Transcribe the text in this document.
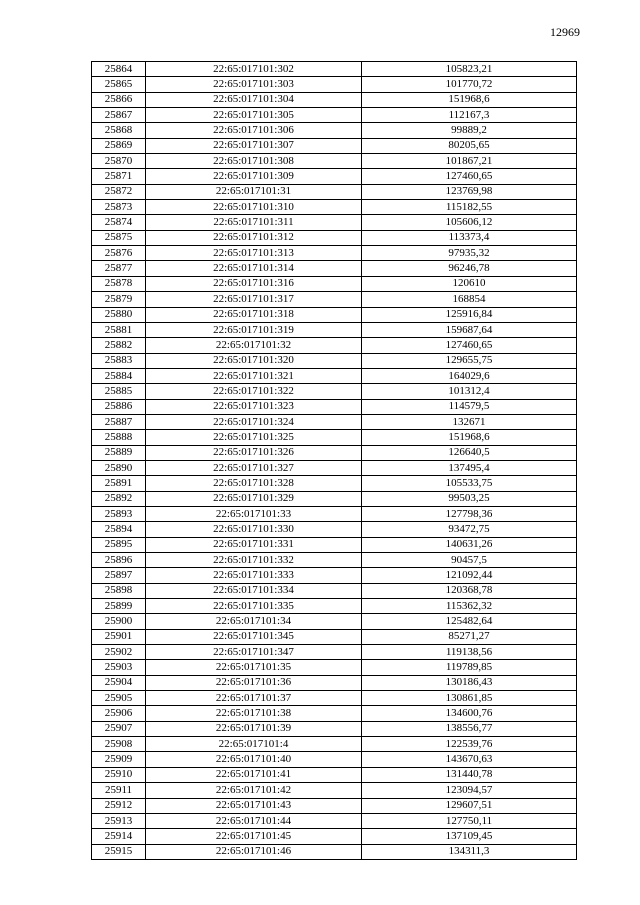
12969
25864	22:65:017101:302	105823,21
25865	22:65:017101:303	101770,72
25866	22:65:017101:304	151968,6
25867	22:65:017101:305	112167,3
25868	22:65:017101:306	99889,2
25869	22:65:017101:307	80205,65
25870	22:65:017101:308	101867,21
25871	22:65:017101:309	127460,65
25872	22:65:017101:31	123769,98
25873	22:65:017101:310	115182,55
25874	22:65:017101:311	105606,12
25875	22:65:017101:312	113373,4
25876	22:65:017101:313	97935,32
25877	22:65:017101:314	96246,78
25878	22:65:017101:316	120610
25879	22:65:017101:317	168854
25880	22:65:017101:318	125916,84
25881	22:65:017101:319	159687,64
25882	22:65:017101:32	127460,65
25883	22:65:017101:320	129655,75
25884	22:65:017101:321	164029,6
25885	22:65:017101:322	101312,4
25886	22:65:017101:323	114579,5
25887	22:65:017101:324	132671
25888	22:65:017101:325	151968,6
25889	22:65:017101:326	126640,5
25890	22:65:017101:327	137495,4
25891	22:65:017101:328	105533,75
25892	22:65:017101:329	99503,25
25893	22:65:017101:33	127798,36
25894	22:65:017101:330	93472,75
25895	22:65:017101:331	140631,26
25896	22:65:017101:332	90457,5
25897	22:65:017101:333	121092,44
25898	22:65:017101:334	120368,78
25899	22:65:017101:335	115362,32
25900	22:65:017101:34	125482,64
25901	22:65:017101:345	85271,27
25902	22:65:017101:347	119138,56
25903	22:65:017101:35	119789,85
25904	22:65:017101:36	130186,43
25905	22:65:017101:37	130861,85
25906	22:65:017101:38	134600,76
25907	22:65:017101:39	138556,77
25908	22:65:017101:4	122539,76
25909	22:65:017101:40	143670,63
25910	22:65:017101:41	131440,78
25911	22:65:017101:42	123094,57
25912	22:65:017101:43	129607,51
25913	22:65:017101:44	127750,11
25914	22:65:017101:45	137109,45
25915	22:65:017101:46	134311,3
